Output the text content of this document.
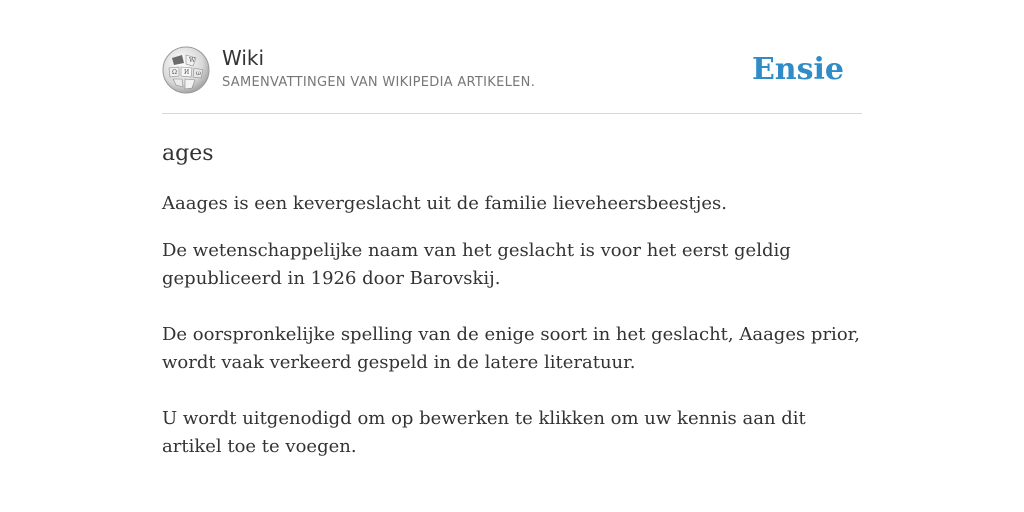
W
Ω И ω
Wiki
SAMENVATTINGEN VAN WIKIPEDIA ARTIKELEN.	Ensie
ages

Aaages is een kevergeslacht uit de familie lieveheersbeestjes.

De wetenschappelijke naam van het geslacht is voor het eerst geldig gepubliceerd in 1926 door Barovskij.

De oorspronkelijke spelling van de enige soort in het geslacht, Aaages prior, wordt vaak verkeerd gespeld in de latere literatuur.

U wordt uitgenodigd om op bewerken te klikken om uw kennis aan dit artikel toe te voegen.
